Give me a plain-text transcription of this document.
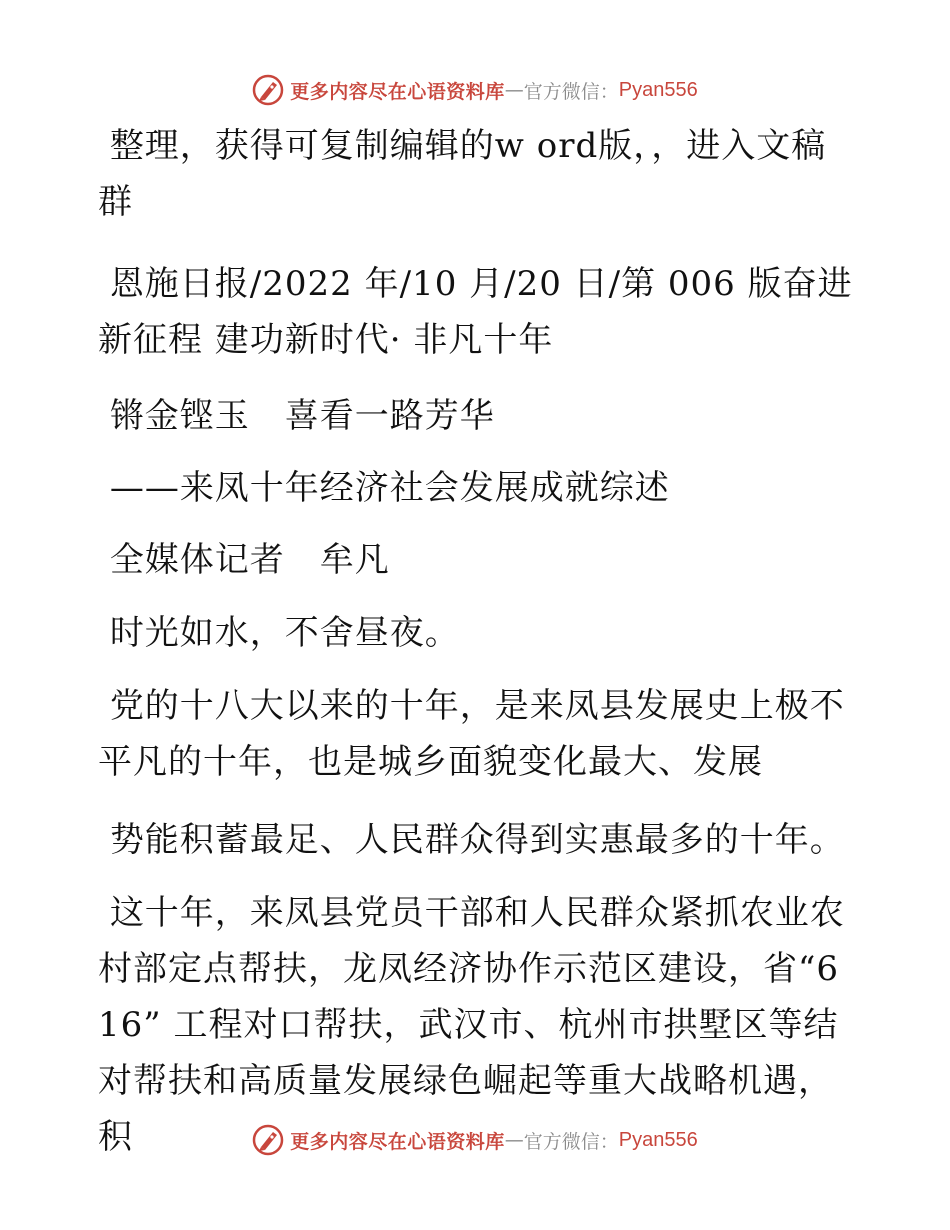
更多内容尽在心语资料库 — 官方微信： Pyan556
整理，获得可复制编辑的w ord版，，进入文稿群
恩施日报/2022 年/10 月/20 日/第 006 版奋进新征程 建功新时代· 非凡十年
锵金铿玉　喜看一路芳华
——来凤十年经济社会发展成就综述
全媒体记者　牟凡
时光如水，不舍昼夜。
党的十八大以来的十年，是来凤县发展史上极不平凡的十年，也是城乡面貌变化最大、发展
势能积蓄最足、人民群众得到实惠最多的十年。
这十年，来凤县党员干部和人民群众紧抓农业农村部定点帮扶，龙凤经济协作示范区建设，省“616” 工程对口帮扶，武汉市、杭州市拱墅区等结对帮扶和高质量发展绿色崛起等重大战略机遇，积	更多内容尽在心语资料库 — 官方微信： Pyan556
